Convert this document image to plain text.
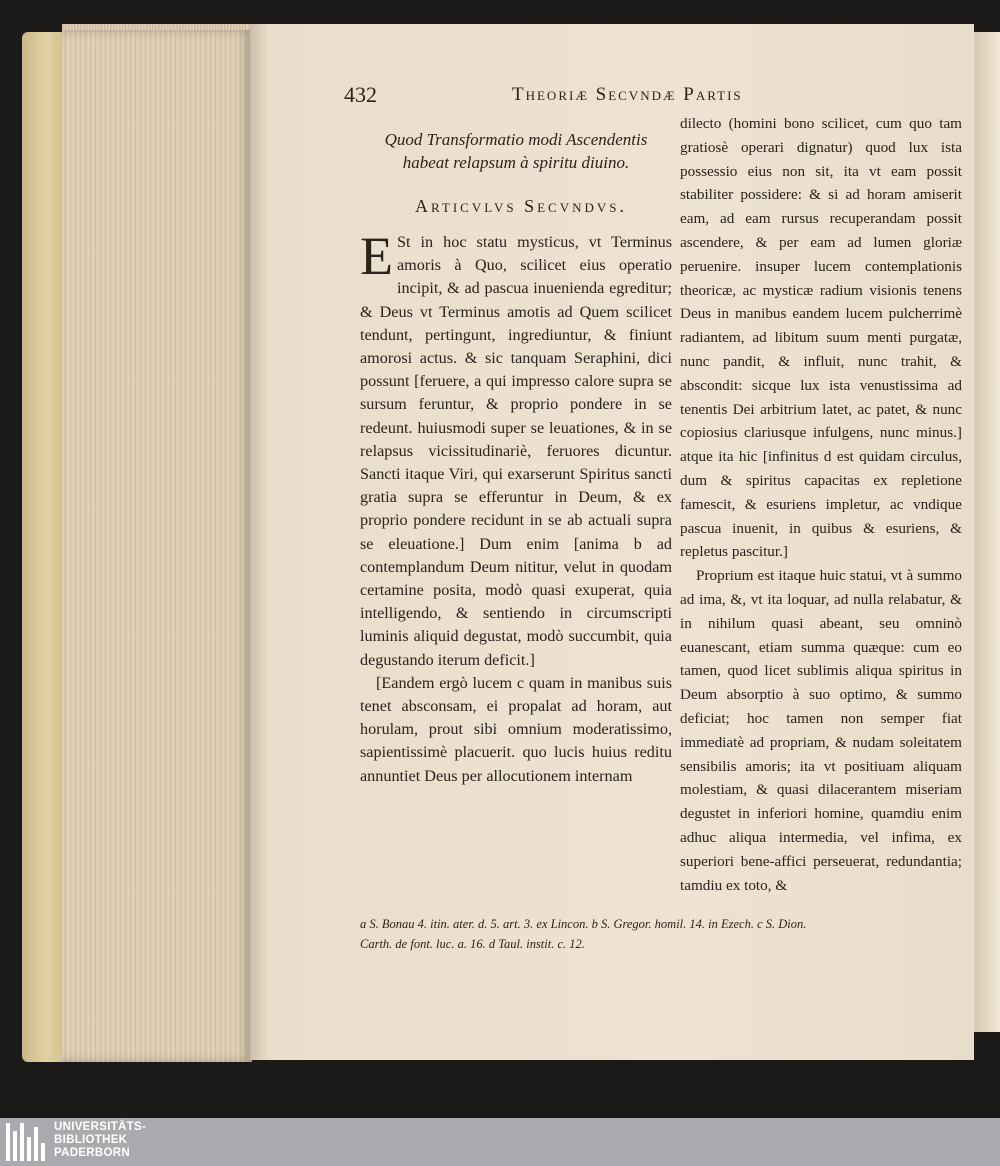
432	Theoriæ Secvndæ Partis

Quod Transformatio modi Ascendentis habeat relapsum à spiritu diuino.

Articvlvs Secvndvs.

E St in hoc statu mysticus, vt Terminus amoris à Quo, scilicet eius operatio incipit, & ad pascua inuenienda egreditur; & Deus vt Terminus amotis ad Quem scilicet tendunt, pertingunt, ingrediuntur, & finiunt amorosi actus. & sic tanquam Seraphini, dici possunt [feruere, a qui impresso calore supra se sursum feruntur, & proprio pondere in se redeunt. huiusmodi super se leuationes, & in se relapsus vicissitudinariè, feruores dicuntur. Sancti itaque Viri, qui exarserunt Spiritus sancti gratia supra se efferuntur in Deum, & ex proprio pondere recidunt in se ab actuali supra se eleuatione.] Dum enim [anima b ad contemplandum Deum nititur, velut in quodam certamine posita, modò quasi exuperat, quia intelligendo, & sentiendo in circumscripti luminis aliquid degustat, modò succumbit, quia degustando iterum deficit.]

[Eandem ergò lucem c quam in manibus suis tenet absconsam, ei propalat ad horam, aut horulam, prout sibi omnium moderatissimo, sapientissimè placuerit. quo lucis huius reditu annuntiet Deus per allocutionem internam

dilecto (homini bono scilicet, cum quo tam gratiosè operari dignatur) quod lux ista possessio eius non sit, ita vt eam possit stabiliter possidere: & si ad horam amiserit eam, ad eam rursus recuperandam possit ascendere, & per eam ad lumen gloriæ peruenire. insuper lucem contemplationis theoricæ, ac mysticæ radium visionis tenens Deus in manibus eandem lucem pulcherrimè radiantem, ad libitum suum menti purgatæ, nunc pandit, & influit, nunc trahit, & abscondit: sicque lux ista venustissima ad tenentis Dei arbitrium latet, ac patet, & nunc copiosius clariusque infulgens, nunc minus.] atque ita hic [infinitus d est quidam circulus, dum & spiritus capacitas ex repletione famescit, & esuriens impletur, ac vndique pascua inuenit, in quibus & esuriens, & repletus pascitur.]

Proprium est itaque huic statui, vt à summo ad ima, &, vt ita loquar, ad nulla relabatur, & in nihilum quasi abeant, seu omninò euanescant, etiam summa quæque: cum eo tamen, quod licet sublimis aliqua spiritus in Deum absorptio à suo optimo, & summo deficiat; hoc tamen non semper fiat immediatè ad propriam, & nudam soleitatem sensibilis amoris; ita vt positiuam aliquam molestiam, & quasi dilacerantem miseriam degustet in inferiori homine, quamdiu enim adhuc aliqua intermedia, vel infima, ex superiori bene-affici perseuerat, redundantia; tamdiu ex toto, &

a S. Bonau 4. itin. ater. d. 5. art. 3. ex Lincon. b S. Gregor. homil. 14. in Ezech. c S. Dion.
Carth. de font. luc. a. 16. d Taul. instit. c. 12.
UNIVERSITÄTS-
BIBLIOTHEK
PADERBORN
